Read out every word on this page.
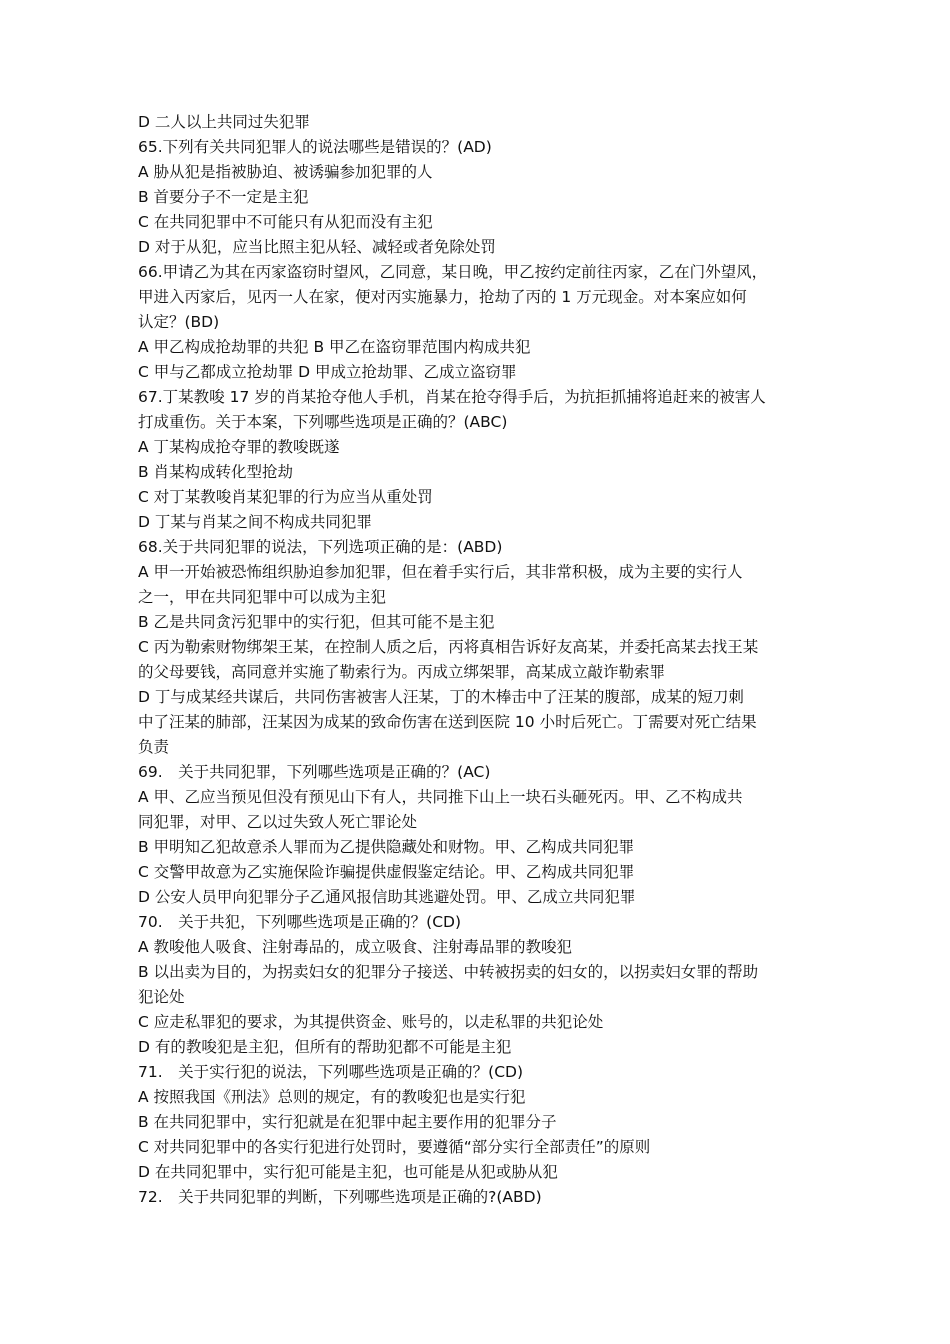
D 二人以上共同过失犯罪
65.下列有关共同犯罪人的说法哪些是错误的？(AD)
A 胁从犯是指被胁迫、被诱骗参加犯罪的人
B 首要分子不一定是主犯
C 在共同犯罪中不可能只有从犯而没有主犯
D 对于从犯，应当比照主犯从轻、减轻或者免除处罚
66.甲请乙为其在丙家盗窃时望风，乙同意，某日晚，甲乙按约定前往丙家，乙在门外望风，
甲进入丙家后，见丙一人在家，便对丙实施暴力，抢劫了丙的 1 万元现金。对本案应如何
认定？(BD)
A 甲乙构成抢劫罪的共犯 B 甲乙在盗窃罪范围内构成共犯
C 甲与乙都成立抢劫罪 D 甲成立抢劫罪、乙成立盗窃罪
67.丁某教唆 17 岁的肖某抢夺他人手机，肖某在抢夺得手后，为抗拒抓捕将追赶来的被害人
打成重伤。关于本案，下列哪些选项是正确的？(ABC)
A 丁某构成抢夺罪的教唆既遂
B 肖某构成转化型抢劫
C 对丁某教唆肖某犯罪的行为应当从重处罚
D 丁某与肖某之间不构成共同犯罪
68.关于共同犯罪的说法，下列选项正确的是：(ABD)
A 甲一开始被恐怖组织胁迫参加犯罪，但在着手实行后，其非常积极，成为主要的实行人
之一，甲在共同犯罪中可以成为主犯
B 乙是共同贪污犯罪中的实行犯，但其可能不是主犯
C 丙为勒索财物绑架王某，在控制人质之后，丙将真相告诉好友高某，并委托高某去找王某
的父母要钱，高同意并实施了勒索行为。丙成立绑架罪，高某成立敲诈勒索罪
D 丁与成某经共谋后，共同伤害被害人汪某，丁的木棒击中了汪某的腹部，成某的短刀刺
中了汪某的肺部，汪某因为成某的致命伤害在送到医院 10 小时后死亡。丁需要对死亡结果
负责
69.　关于共同犯罪，下列哪些选项是正确的？(AC)
A 甲、乙应当预见但没有预见山下有人，共同推下山上一块石头砸死丙。甲、乙不构成共
同犯罪，对甲、乙以过失致人死亡罪论处
B 甲明知乙犯故意杀人罪而为乙提供隐藏处和财物。甲、乙构成共同犯罪
C 交警甲故意为乙实施保险诈骗提供虚假鉴定结论。甲、乙构成共同犯罪
D 公安人员甲向犯罪分子乙通风报信助其逃避处罚。甲、乙成立共同犯罪
70.　关于共犯，下列哪些选项是正确的？(CD)
A 教唆他人吸食、注射毒品的，成立吸食、注射毒品罪的教唆犯
B 以出卖为目的，为拐卖妇女的犯罪分子接送、中转被拐卖的妇女的，以拐卖妇女罪的帮助
犯论处
C 应走私罪犯的要求，为其提供资金、账号的，以走私罪的共犯论处
D 有的教唆犯是主犯，但所有的帮助犯都不可能是主犯
71.　关于实行犯的说法，下列哪些选项是正确的？(CD)
A 按照我国《刑法》总则的规定，有的教唆犯也是实行犯
B 在共同犯罪中，实行犯就是在犯罪中起主要作用的犯罪分子
C 对共同犯罪中的各实行犯进行处罚时，要遵循“部分实行全部责任”的原则
D 在共同犯罪中，实行犯可能是主犯，也可能是从犯或胁从犯
72.　关于共同犯罪的判断，下列哪些选项是正确的?(ABD)
